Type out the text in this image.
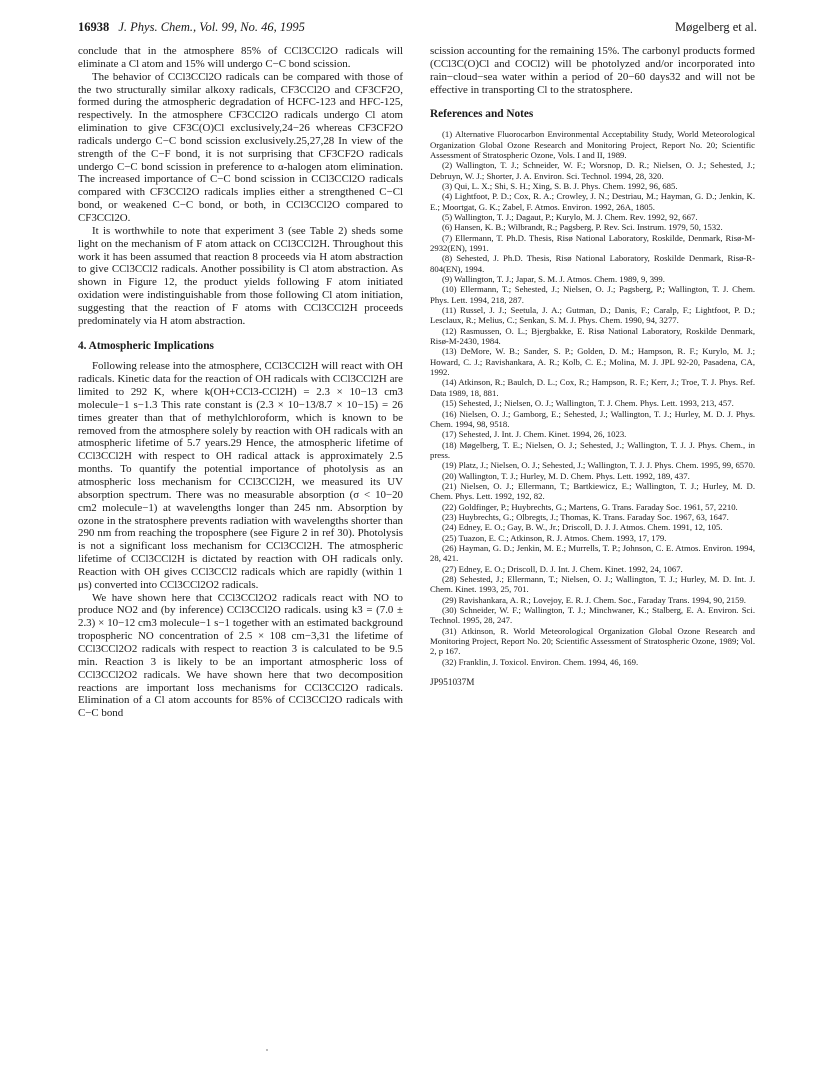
16938 J. Phys. Chem., Vol. 99, No. 46, 1995	Møgelberg et al.

conclude that in the atmosphere 85% of CCl3CCl2O radicals will eliminate a Cl atom and 15% will undergo C−C bond scission.

The behavior of CCl3CCl2O radicals can be compared with those of the two structurally similar alkoxy radicals, CF3CCl2O and CF3CF2O, formed during the atmospheric degradation of HCFC-123 and HFC-125, respectively. In the atmosphere CF3CCl2O radicals undergo Cl atom elimination to give CF3C(O)Cl exclusively,24−26 whereas CF3CF2O radicals undergo C−C bond scission exclusively.25,27,28 In view of the strength of the C−F bond, it is not surprising that CF3CF2O radicals undergo C−C bond scission in preference to α-halogen atom elimination. The increased importance of C−C bond scission in CCl3CCl2O radicals compared with CF3CCl2O radicals implies either a strengthened C−Cl bond, or weakened C−C bond, or both, in CCl3CCl2O compared to CF3CCl2O.

It is worthwhile to note that experiment 3 (see Table 2) sheds some light on the mechanism of F atom attack on CCl3CCl2H. Throughout this work it has been assumed that reaction 8 proceeds via H atom abstraction to give CCl3CCl2 radicals. Another possibility is Cl atom abstraction. As shown in Figure 12, the product yields following F atom initiated oxidation were indistinguishable from those following Cl atom initiation, suggesting that the reaction of F atoms with CCl3CCl2H proceeds predominately via H atom abstraction.

4. Atmospheric Implications

Following release into the atmosphere, CCl3CCl2H will react with OH radicals. Kinetic data for the reaction of OH radicals with CCl3CCl2H are limited to 292 K, where k(OH+CCl3-CCl2H) = 2.3 × 10−13 cm3 molecule−1 s−1.3 This rate constant is (2.3 × 10−13/8.7 × 10−15) = 26 times greater than that of methylchloroform, which is known to be removed from the atmosphere solely by reaction with OH radicals with an atmospheric lifetime of 5.7 years.29 Hence, the atmospheric lifetime of CCl3CCl2H with respect to OH radical attack is approximately 2.5 months. To quantify the potential importance of photolysis as an atmospheric loss mechanism for CCl3CCl2H, we measured its UV absorption spectrum. There was no measurable absorption (σ < 10−20 cm2 molecule−1) at wavelengths longer than 245 nm. Absorption by ozone in the stratosphere prevents radiation with wavelengths shorter than 290 nm from reaching the troposphere (see Figure 2 in ref 30). Photolysis is not a significant loss mechanism for CCl3CCl2H. The atmospheric lifetime of CCl3CCl2H is dictated by reaction with OH radicals only. Reaction with OH gives CCl3CCl2 radicals which are rapidly (within 1 μs) converted into CCl3CCl2O2 radicals.

We have shown here that CCl3CCl2O2 radicals react with NO to produce NO2 and (by inference) CCl3CCl2O radicals. using k3 = (7.0 ± 2.3) × 10−12 cm3 molecule−1 s−1 together with an estimated background tropospheric NO concentration of 2.5 × 108 cm−3,31 the lifetime of CCl3CCl2O2 radicals with respect to reaction 3 is calculated to be 9.5 min. Reaction 3 is likely to be an important atmospheric loss of CCl3CCl2O2 radicals. We have shown here that two decomposition reactions are important loss mechanisms for CCl3CCl2O radicals. Elimination of a Cl atom accounts for 85% of CCl3CCl2O radicals with C−C bond

scission accounting for the remaining 15%. The carbonyl products formed (CCl3C(O)Cl and COCl2) will be photolyzed and/or incorporated into rain−cloud−sea water within a period of 20−60 days32 and will not be effective in transporting Cl to the stratosphere.

References and Notes

(1) Alternative Fluorocarbon Environmental Acceptability Study, World Meteorological Organization Global Ozone Research and Monitoring Project, Report No. 20; Scientific Assessment of Stratospheric Ozone, Vols. I and II, 1989.

(2) Wallington, T. J.; Schneider, W. F.; Worsnop, D. R.; Nielsen, O. J.; Sehested, J.; Debruyn, W. J.; Shorter, J. A. Environ. Sci. Technol. 1994, 28, 320.

(3) Qui, L. X.; Shi, S. H.; Xing, S. B. J. Phys. Chem. 1992, 96, 685.

(4) Lightfoot, P. D.; Cox, R. A.; Crowley, J. N.; Destriau, M.; Hayman, G. D.; Jenkin, K. E.; Moortgat, G. K.; Zabel, F. Atmos. Environ. 1992, 26A, 1805.

(5) Wallington, T. J.; Dagaut, P.; Kurylo, M. J. Chem. Rev. 1992, 92, 667.

(6) Hansen, K. B.; Wilbrandt, R.; Pagsberg, P. Rev. Sci. Instrum. 1979, 50, 1532.

(7) Ellermann, T. Ph.D. Thesis, Risø National Laboratory, Roskilde, Denmark, Risø-M-2932(EN), 1991.

(8) Sehested, J. Ph.D. Thesis, Risø National Laboratory, Roskilde Denmark, Risø-R-804(EN), 1994.

(9) Wallington, T. J.; Japar, S. M. J. Atmos. Chem. 1989, 9, 399.

(10) Ellermann, T.; Sehested, J.; Nielsen, O. J.; Pagsberg, P.; Wallington, T. J. Chem. Phys. Lett. 1994, 218, 287.

(11) Russel, J. J.; Seetula, J. A.; Gutman, D.; Danis, F.; Caralp, F.; Lightfoot, P. D.; Lesclaux, R.; Melius, C.; Senkan, S. M. J. Phys. Chem. 1990, 94, 3277.

(12) Rasmussen, O. L.; Bjergbakke, E. Risø National Laboratory, Roskilde Denmark, Risø-M-2430, 1984.

(13) DeMore, W. B.; Sander, S. P.; Golden, D. M.; Hampson, R. F.; Kurylo, M. J.; Howard, C. J.; Ravishankara, A. R.; Kolb, C. E.; Molina, M. J. JPL 92-20, Pasadena, CA, 1992.

(14) Atkinson, R.; Baulch, D. L.; Cox, R.; Hampson, R. F.; Kerr, J.; Troe, T. J. Phys. Ref. Data 1989, 18, 881.

(15) Sehested, J.; Nielsen, O. J.; Wallington, T. J. Chem. Phys. Lett. 1993, 213, 457.

(16) Nielsen, O. J.; Gamborg, E.; Sehested, J.; Wallington, T. J.; Hurley, M. D. J. Phys. Chem. 1994, 98, 9518.

(17) Sehested, J. Int. J. Chem. Kinet. 1994, 26, 1023.

(18) Møgelberg, T. E.; Nielsen, O. J.; Sehested, J.; Wallington, T. J. J. Phys. Chem., in press.

(19) Platz, J.; Nielsen, O. J.; Sehested, J.; Wallington, T. J. J. Phys. Chem. 1995, 99, 6570.

(20) Wallington, T. J.; Hurley, M. D. Chem. Phys. Lett. 1992, 189, 437.

(21) Nielsen, O. J.; Ellermann, T.; Bartkiewicz, E.; Wallington, T. J.; Hurley, M. D. Chem. Phys. Lett. 1992, 192, 82.

(22) Goldfinger, P.; Huybrechts, G.; Martens, G. Trans. Faraday Soc. 1961, 57, 2210.

(23) Huybrechts, G.; Olbregts, J.; Thomas, K. Trans. Faraday Soc. 1967, 63, 1647.

(24) Edney, E. O.; Gay, B. W., Jr.; Driscoll, D. J. J. Atmos. Chem. 1991, 12, 105.

(25) Tuazon, E. C.; Atkinson, R. J. Atmos. Chem. 1993, 17, 179.

(26) Hayman, G. D.; Jenkin, M. E.; Murrells, T. P.; Johnson, C. E. Atmos. Environ. 1994, 28, 421.

(27) Edney, E. O.; Driscoll, D. J. Int. J. Chem. Kinet. 1992, 24, 1067.

(28) Sehested, J.; Ellermann, T.; Nielsen, O. J.; Wallington, T. J.; Hurley, M. D. Int. J. Chem. Kinet. 1993, 25, 701.

(29) Ravishankara, A. R.; Lovejoy, E. R. J. Chem. Soc., Faraday Trans. 1994, 90, 2159.

(30) Schneider, W. F.; Wallington, T. J.; Minchwaner, K.; Stalberg, E. A. Environ. Sci. Technol. 1995, 28, 247.

(31) Atkinson, R. World Meteorological Organization Global Ozone Research and Monitoring Project, Report No. 20; Scientific Assessment of Stratospheric Ozone, 1989; Vol. 2, p 167.

(32) Franklin, J. Toxicol. Environ. Chem. 1994, 46, 169.

JP951037M
